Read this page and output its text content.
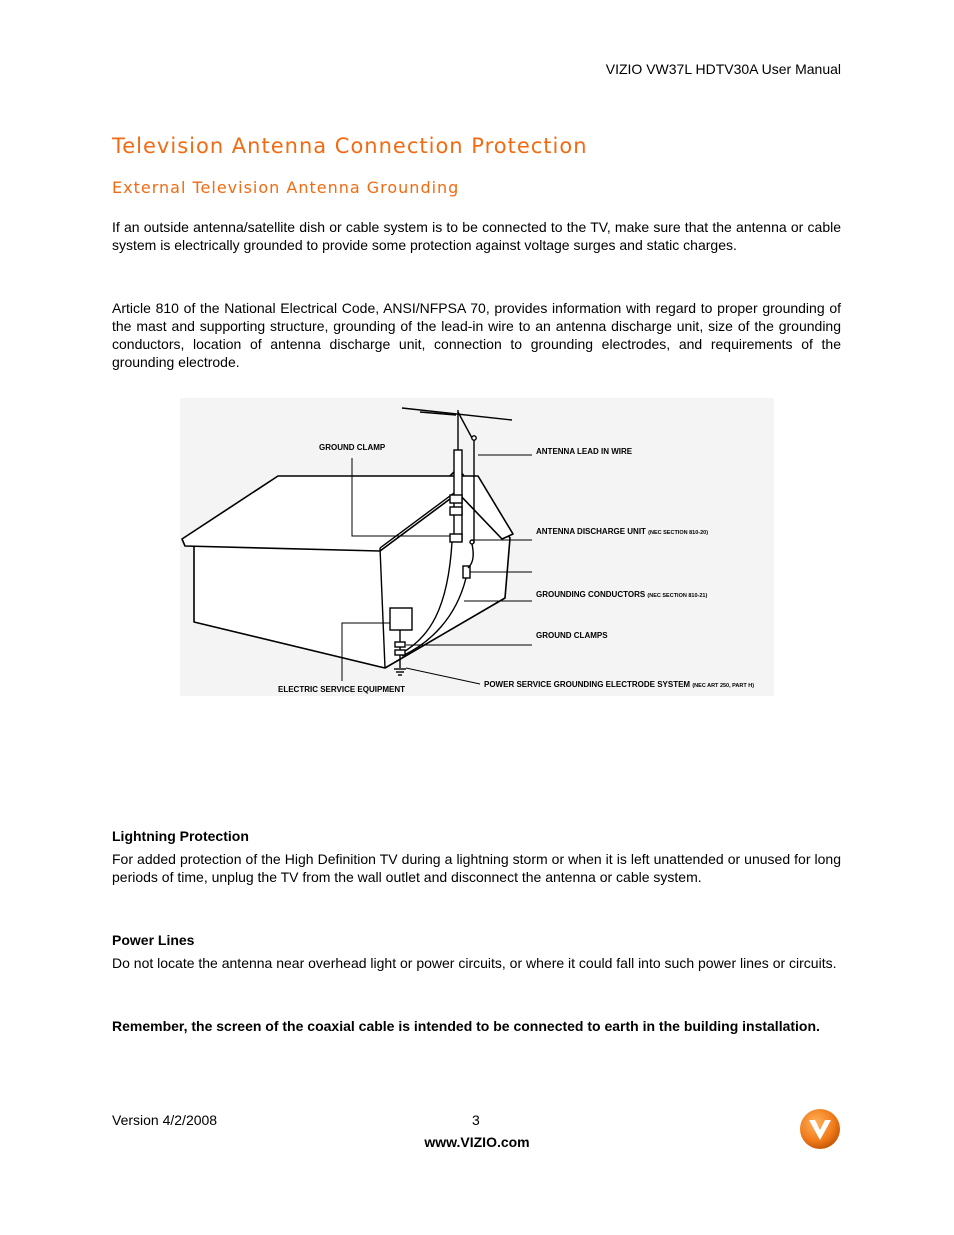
VIZIO VW37L HDTV30A User Manual
Television Antenna Connection Protection
External Television Antenna Grounding

If an outside antenna/satellite dish or cable system is to be connected to the TV, make sure that the antenna or cable system is electrically grounded to provide some protection against voltage surges and static charges.

Article 810 of the National Electrical Code, ANSI/NFPSA 70, provides information with regard to proper grounding of the mast and supporting structure, grounding of the lead-in wire to an antenna discharge unit, size of the grounding conductors, location of antenna discharge unit, connection to grounding electrodes, and requirements of the grounding electrode.

GROUND CLAMP	ANTENNA LEAD IN WIRE
ANTENNA DISCHARGE UNIT (NEC SECTION 810-20)
GROUNDING CONDUCTORS (NEC SECTION 810-21)
GROUND CLAMPS
POWER SERVICE GROUNDING ELECTRODE SYSTEM (NEC ART 250, PART H)
ELECTRIC SERVICE EQUIPMENT

Lightning Protection

For added protection of the High Definition TV during a lightning storm or when it is left unattended or unused for long periods of time, unplug the TV from the wall outlet and disconnect the antenna or cable system.

Power Lines

Do not locate the antenna near overhead light or power circuits, or where it could fall into such power lines or circuits.

Remember, the screen of the coaxial cable is intended to be connected to earth in the building installation.

Version 4/2/2008	3
www.VIZIO.com
